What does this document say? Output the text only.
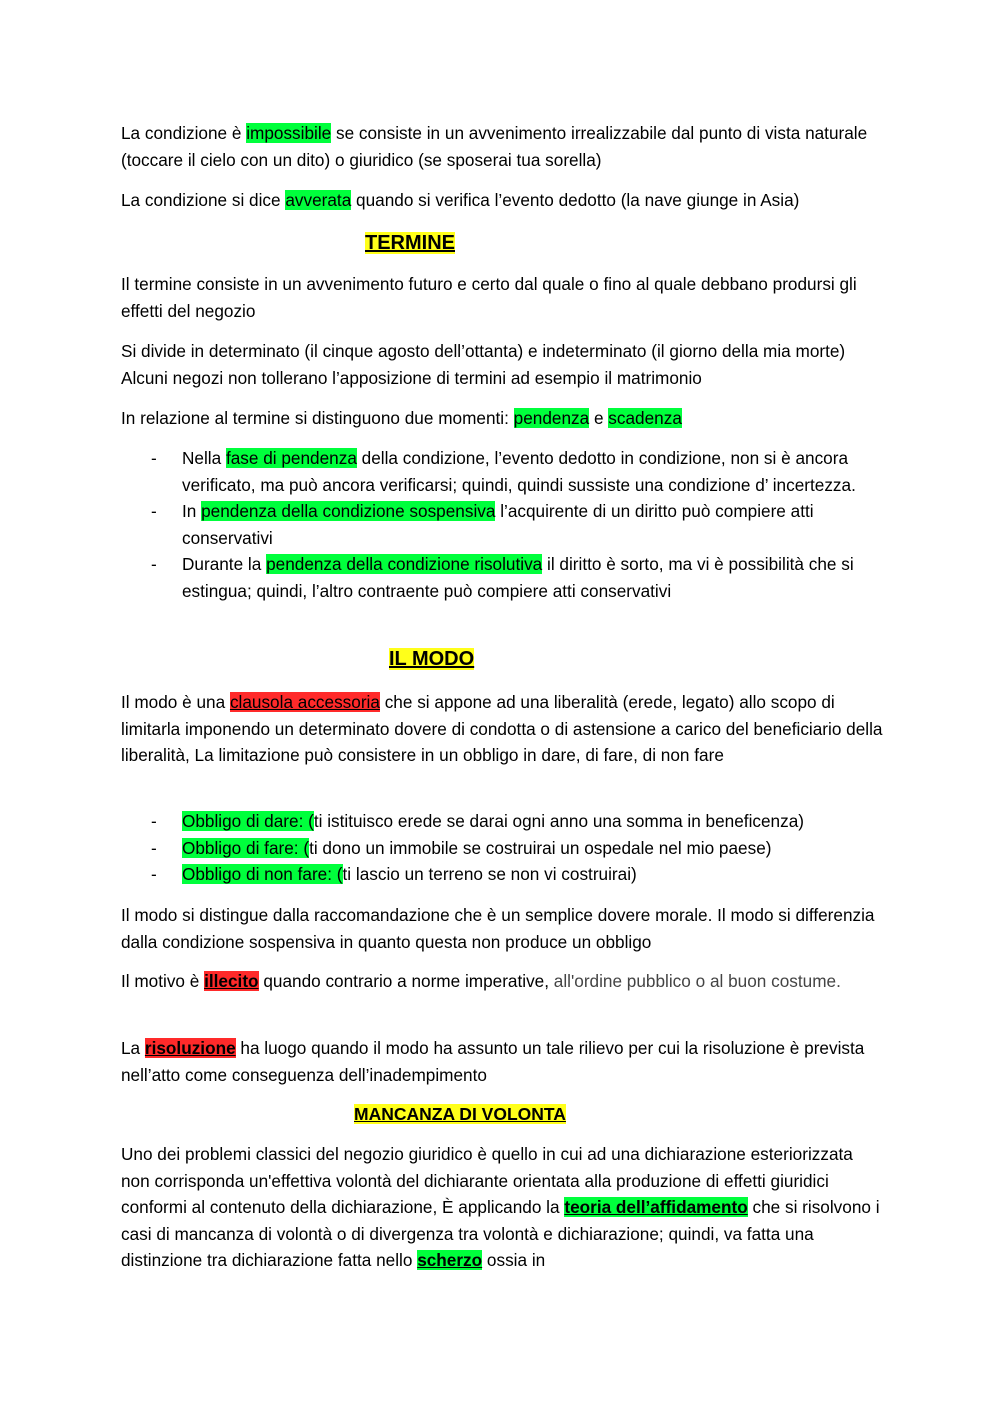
La condizione è impossibile se consiste in un avvenimento irrealizzabile dal punto di vista naturale (toccare il cielo con un dito) o giuridico (se sposerai tua sorella)

La condizione si dice avverata quando si verifica l’evento dedotto (la nave giunge in Asia)

TERMINE

Il termine consiste in un avvenimento futuro e certo dal quale o fino al quale debbano prodursi gli effetti del negozio

Si divide in determinato (il cinque agosto dell’ottanta) e indeterminato (il giorno della mia morte) Alcuni negozi non tollerano l’apposizione di termini ad esempio il matrimonio

In relazione al termine si distinguono due momenti: pendenza e scadenza

- Nella fase di pendenza della condizione, l’evento dedotto in condizione, non si è ancora verificato, ma può ancora verificarsi; quindi, quindi sussiste una condizione d’ incertezza.
- In pendenza della condizione sospensiva l’acquirente di un diritto può compiere atti conservativi
- Durante la pendenza della condizione risolutiva il diritto è sorto, ma vi è possibilità che si estingua; quindi, l’altro contraente può compiere atti conservativi
IL MODO

Il modo è una clausola accessoria che si appone ad una liberalità (erede, legato) allo scopo di limitarla imponendo un determinato dovere di condotta o di astensione a carico del beneficiario della liberalità, La limitazione può consistere in un obbligo in dare, di fare, di non fare

- Obbligo di dare: (ti istituisco erede se darai ogni anno una somma in beneficenza)
- Obbligo di fare: (ti dono un immobile se costruirai un ospedale nel mio paese)
- Obbligo di non fare: (ti lascio un terreno se non vi costruirai)

Il modo si distingue dalla raccomandazione che è un semplice dovere morale. Il modo si differenzia dalla condizione sospensiva in quanto questa non produce un obbligo

Il motivo è illecito quando contrario a norme imperative, all'ordine pubblico o al buon costume.

La risoluzione ha luogo quando il modo ha assunto un tale rilievo per cui la risoluzione è prevista nell’atto come conseguenza dell’inadempimento

MANCANZA DI VOLONTA

Uno dei problemi classici del negozio giuridico è quello in cui ad una dichiarazione esteriorizzata non corrisponda un'effettiva volontà del dichiarante orientata alla produzione di effetti giuridici conformi al contenuto della dichiarazione, È applicando la teoria dell’affidamento che si risolvono i casi di mancanza di volontà o di divergenza tra volontà e dichiarazione; quindi, va fatta una distinzione tra dichiarazione fatta nello scherzo ossia in
